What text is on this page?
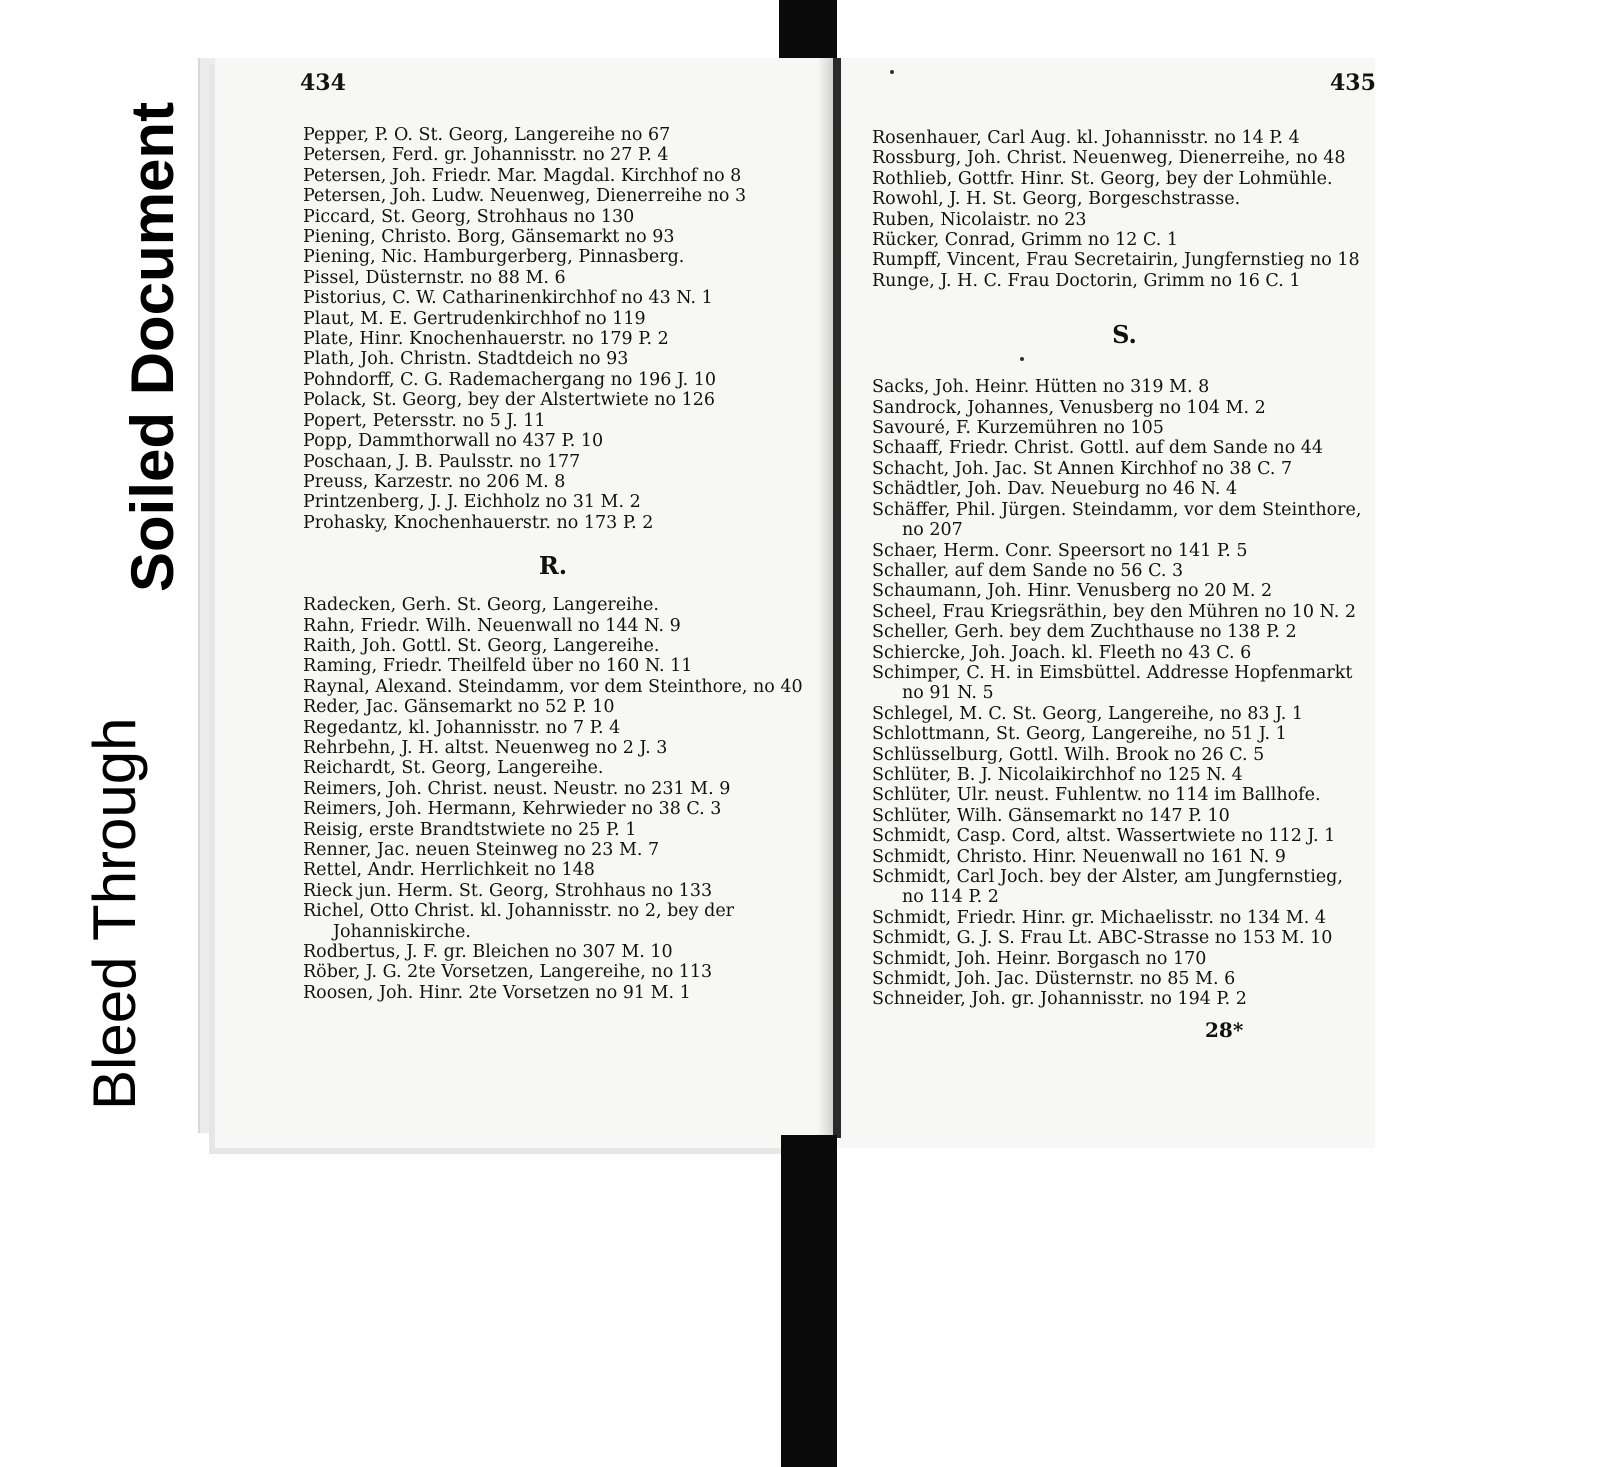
Soiled Document
Bleed Through
434	435
Pepper, P. O. St. Georg, Langereihe no 67
Petersen, Ferd. gr. Johannisstr. no 27 P. 4
Petersen, Joh. Friedr. Mar. Magdal. Kirchhof no 8
Petersen, Joh. Ludw. Neuenweg, Dienerreihe no 3
Piccard, St. Georg, Strohhaus no 130
Piening, Christo. Borg, Gänsemarkt no 93
Piening, Nic. Hamburgerberg, Pinnasberg.
Pissel, Düsternstr. no 88 M. 6
Pistorius, C. W. Catharinenkirchhof no 43 N. 1
Plaut, M. E. Gertrudenkirchhof no 119
Plate, Hinr. Knochenhauerstr. no 179 P. 2
Plath, Joh. Christn. Stadtdeich no 93
Pohndorff, C. G. Rademachergang no 196 J. 10
Polack, St. Georg, bey der Alstertwiete no 126
Popert, Petersstr. no 5 J. 11
Popp, Dammthorwall no 437 P. 10
Poschaan, J. B. Paulsstr. no 177
Preuss, Karzestr. no 206 M. 8
Printzenberg, J. J. Eichholz no 31 M. 2
Prohasky, Knochenhauerstr. no 173 P. 2
R.
Radecken, Gerh. St. Georg, Langereihe.
Rahn, Friedr. Wilh. Neuenwall no 144 N. 9
Raith, Joh. Gottl. St. Georg, Langereihe.
Raming, Friedr. Theilfeld über no 160 N. 11
Raynal, Alexand. Steindamm, vor dem Steinthore, no 40
Reder, Jac. Gänsemarkt no 52 P. 10
Regedantz, kl. Johannisstr. no 7 P. 4
Rehrbehn, J. H. altst. Neuenweg no 2 J. 3
Reichardt, St. Georg, Langereihe.
Reimers, Joh. Christ. neust. Neustr. no 231 M. 9
Reimers, Joh. Hermann, Kehrwieder no 38 C. 3
Reisig, erste Brandtstwiete no 25 P. 1
Renner, Jac. neuen Steinweg no 23 M. 7
Rettel, Andr. Herrlichkeit no 148
Rieck jun. Herm. St. Georg, Strohhaus no 133
Richel, Otto Christ. kl. Johannisstr. no 2, bey der
Johanniskirche.
Rodbertus, J. F. gr. Bleichen no 307 M. 10
Röber, J. G. 2te Vorsetzen, Langereihe, no 113
Roosen, Joh. Hinr. 2te Vorsetzen no 91 M. 1
Rosenhauer, Carl Aug. kl. Johannisstr. no 14 P. 4
Rossburg, Joh. Christ. Neuenweg, Dienerreihe, no 48
Rothlieb, Gottfr. Hinr. St. Georg, bey der Lohmühle.
Rowohl, J. H. St. Georg, Borgeschstrasse.
Ruben, Nicolaistr. no 23
Rücker, Conrad, Grimm no 12 C. 1
Rumpff, Vincent, Frau Secretairin, Jungfernstieg no 18
Runge, J. H. C. Frau Doctorin, Grimm no 16 C. 1
S.
Sacks, Joh. Heinr. Hütten no 319 M. 8
Sandrock, Johannes, Venusberg no 104 M. 2
Savouré, F. Kurzemühren no 105
Schaaff, Friedr. Christ. Gottl. auf dem Sande no 44
Schacht, Joh. Jac. St Annen Kirchhof no 38 C. 7
Schädtler, Joh. Dav. Neueburg no 46 N. 4
Schäffer, Phil. Jürgen. Steindamm, vor dem Steinthore,
no 207
Schaer, Herm. Conr. Speersort no 141 P. 5
Schaller, auf dem Sande no 56 C. 3
Schaumann, Joh. Hinr. Venusberg no 20 M. 2
Scheel, Frau Kriegsräthin, bey den Mühren no 10 N. 2
Scheller, Gerh. bey dem Zuchthause no 138 P. 2
Schiercke, Joh. Joach. kl. Fleeth no 43 C. 6
Schimper, C. H. in Eimsbüttel. Addresse Hopfenmarkt
no 91 N. 5
Schlegel, M. C. St. Georg, Langereihe, no 83 J. 1
Schlottmann, St. Georg, Langereihe, no 51 J. 1
Schlüsselburg, Gottl. Wilh. Brook no 26 C. 5
Schlüter, B. J. Nicolaikirchhof no 125 N. 4
Schlüter, Ulr. neust. Fuhlentw. no 114 im Ballhofe.
Schlüter, Wilh. Gänsemarkt no 147 P. 10
Schmidt, Casp. Cord, altst. Wassertwiete no 112 J. 1
Schmidt, Christo. Hinr. Neuenwall no 161 N. 9
Schmidt, Carl Joch. bey der Alster, am Jungfernstieg,
no 114 P. 2
Schmidt, Friedr. Hinr. gr. Michaelisstr. no 134 M. 4
Schmidt, G. J. S. Frau Lt. ABC-Strasse no 153 M. 10
Schmidt, Joh. Heinr. Borgasch no 170
Schmidt, Joh. Jac. Düsternstr. no 85 M. 6
Schneider, Joh. gr. Johannisstr. no 194 P. 2
28*
